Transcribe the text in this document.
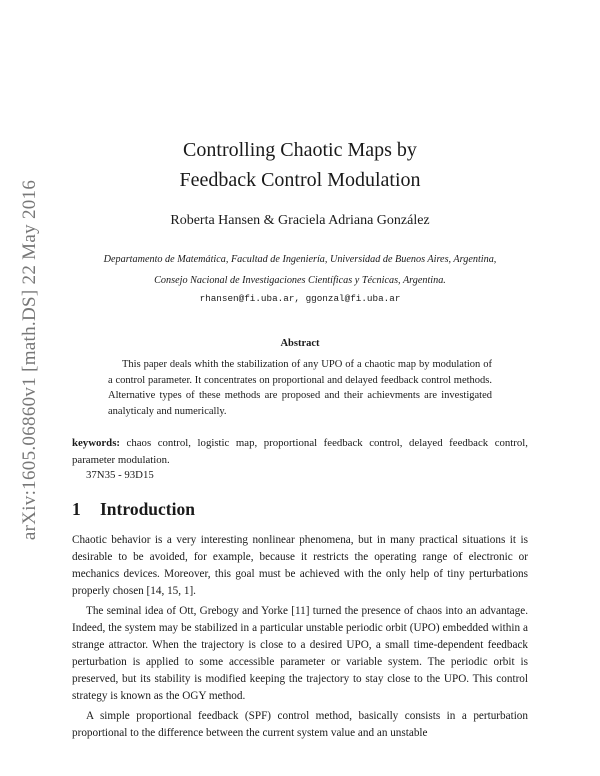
arXiv:1605.06860v1 [math.DS] 22 May 2016
Controlling Chaotic Maps by
Feedback Control Modulation
Roberta Hansen & Graciela Adriana González
Departamento de Matemática, Facultad de Ingeniería, Universidad de Buenos Aires, Argentina,
Consejo Nacional de Investigaciones Científicas y Técnicas, Argentina.
rhansen@fi.uba.ar, ggonzal@fi.uba.ar
Abstract
This paper deals whith the stabilization of any UPO of a chaotic map by modulation of a control parameter. It concentrates on proportional and delayed feedback control methods. Alternative types of these methods are proposed and their achievments are investigated analyticaly and numerically.
keywords: chaos control, logistic map, proportional feedback control, delayed feedback control, parameter modulation.
37N35 - 93D15
1 Introduction

Chaotic behavior is a very interesting nonlinear phenomena, but in many practical situations it is desirable to be avoided, for example, because it restricts the operating range of electronic or mechanics devices. Moreover, this goal must be achieved with the only help of tiny perturbations properly chosen [14, 15, 1].

The seminal idea of Ott, Grebogy and Yorke [11] turned the presence of chaos into an advantage. Indeed, the system may be stabilized in a particular unstable periodic orbit (UPO) embedded within a strange attractor. When the trajectory is close to a desired UPO, a small time-dependent feedback perturbation is applied to some accessible parameter or variable system. The periodic orbit is preserved, but its stability is modified keeping the trajectory to stay close to the UPO. This control strategy is known as the OGY method.

A simple proportional feedback (SPF) control method, basically consists in a perturbation proportional to the difference between the current system value and an unstable
